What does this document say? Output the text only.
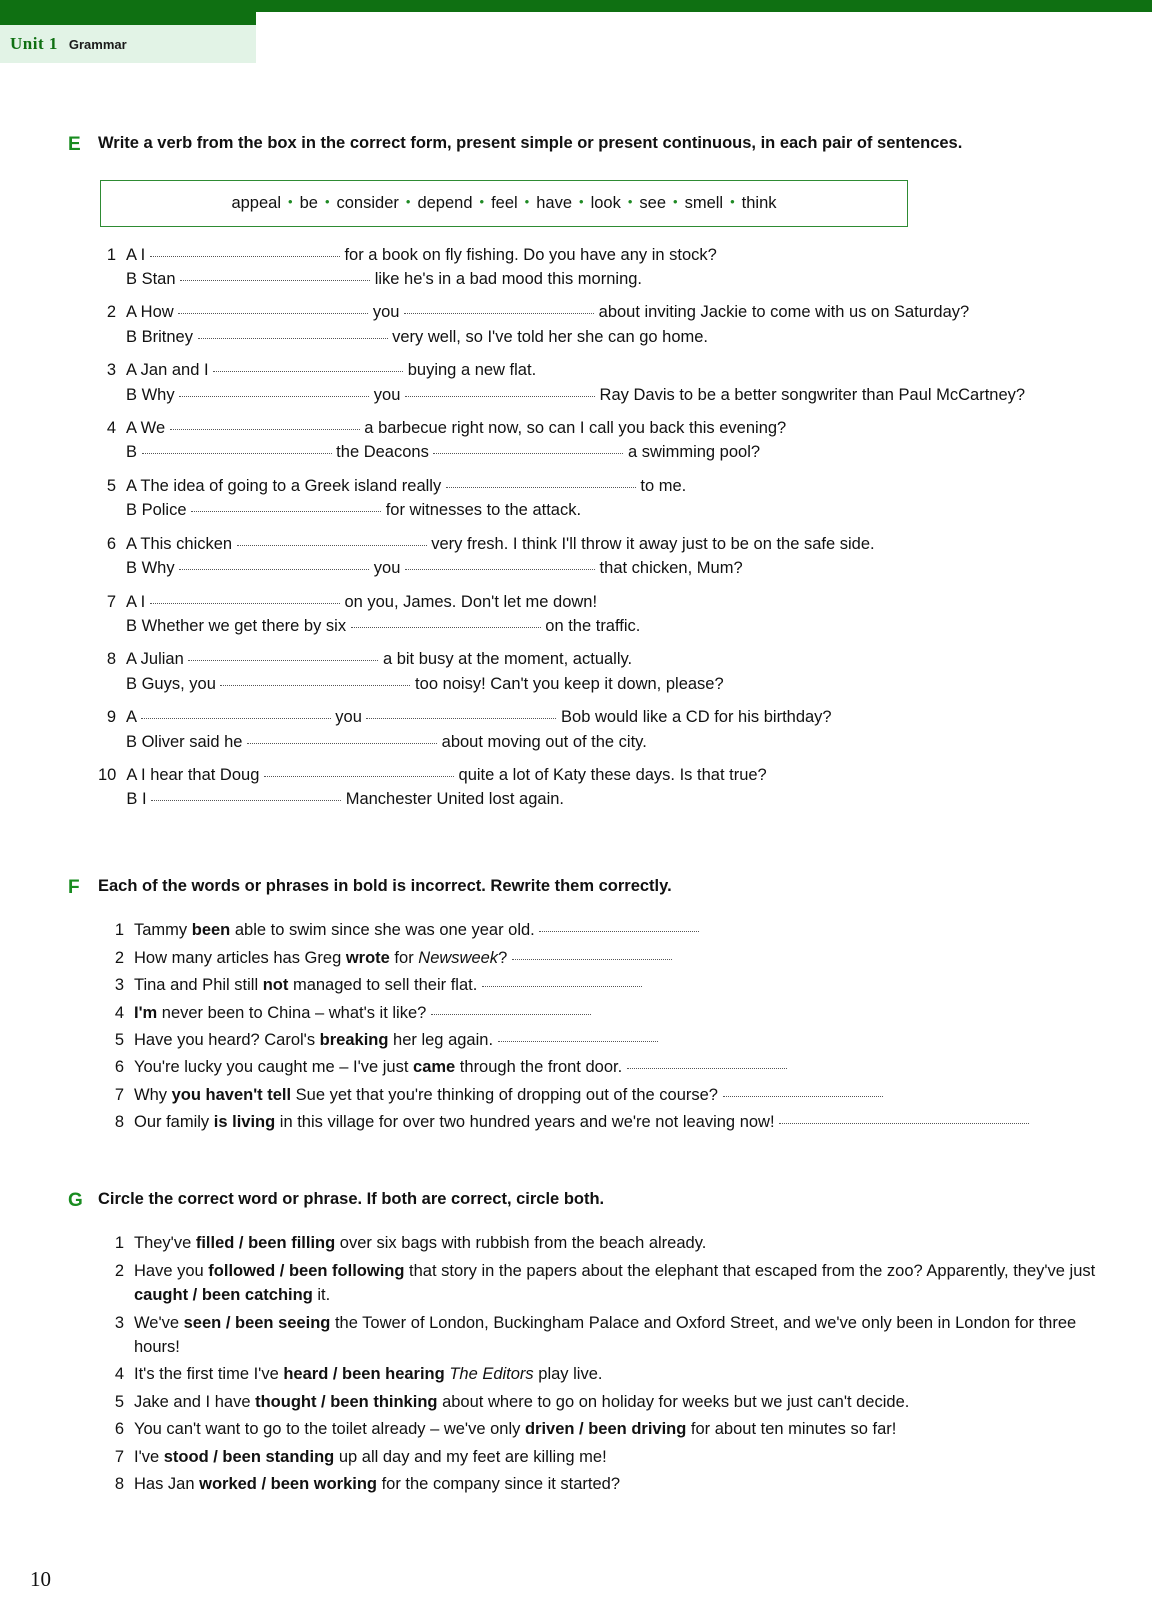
Unit 1 Grammar
E	Write a verb from the box in the correct form, present simple or present continuous, in each pair of sentences.
appeal • be • consider • depend • feel • have • look • see • smell • think
1 A I	for a book on fly fishing. Do you have any in stock?
B Stan	like he's in a bad mood this morning.
2 A How	you	about inviting Jackie to come with us on Saturday?
B Britney	very well, so I've told her she can go home.
3 A Jan and I	buying a new flat.
B Why	you	Ray Davis to be a better songwriter than Paul McCartney?
4 A We	a barbecue right now, so can I call you back this evening?
B	the Deacons	a swimming pool?
5 A The idea of going to a Greek island really	to me.
B Police	for witnesses to the attack.
6 A This chicken	very fresh. I think I'll throw it away just to be on the safe side.
B Why	you	that chicken, Mum?
7 A I	on you, James. Don't let me down!
B Whether we get there by six	on the traffic.
8 A Julian	a bit busy at the moment, actually.
B Guys, you	too noisy! Can't you keep it down, please?
9 A	you	Bob would like a CD for his birthday?
B Oliver said he	about moving out of the city.
10 A I hear that Doug	quite a lot of Katy these days. Is that true?
B I	Manchester United lost again.
F	Each of the words or phrases in bold is incorrect. Rewrite them correctly.
1 Tammy been able to swim since she was one year old.
2 How many articles has Greg wrote for Newsweek?
3 Tina and Phil still not managed to sell their flat.
4 I'm never been to China – what's it like?
5 Have you heard? Carol's breaking her leg again.
6 You're lucky you caught me – I've just came through the front door.
7 Why you haven't tell Sue yet that you're thinking of dropping out of the course?
8 Our family is living in this village for over two hundred years and we're not leaving now!
G Circle the correct word or phrase. If both are correct, circle both.
1 They've filled / been filling over six bags with rubbish from the beach already.
2 Have you followed / been following that story in the papers about the elephant that escaped from the zoo? Apparently, they've just caught / been catching it.
3 We've seen / been seeing the Tower of London, Buckingham Palace and Oxford Street, and we've only been in London for three hours!
4 It's the first time I've heard / been hearing The Editors play live.
5 Jake and I have thought / been thinking about where to go on holiday for weeks but we just can't decide.
6 You can't want to go to the toilet already – we've only driven / been driving for about ten minutes so far!
7 I've stood / been standing up all day and my feet are killing me!
8 Has Jan worked / been working for the company since it started?
10
